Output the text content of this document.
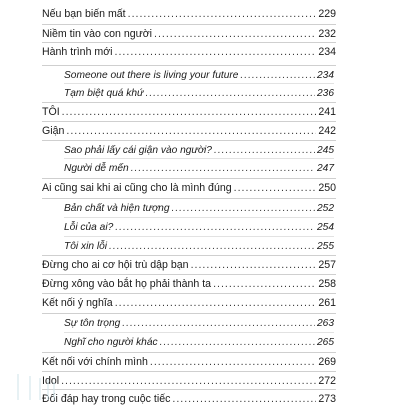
Nếu bạn biến mất .....	229
Niềm tin vào con người .....	232
Hành trình mới .....	234
Someone out there is living your future .....	234
Tạm biệt quá khứ .....	236
TÔI .....	241
Giận .....	242
Sao phải lấy cái giận vào người? .....	245
Người dễ mến .....	247
Ai cũng sai khi ai cũng cho là mình đúng .....	250
Bản chất và hiện tượng .....	252
Lỗi của ai? .....	254
Tôi xin lỗi .....	255
Đừng cho ai cơ hội trù dập bạn .....	257
Đừng xông vào bắt họ phải thành ta .....	258
Kết nối ý nghĩa .....	261
Sự tôn trọng .....	263
Nghĩ cho người khác .....	265
Kết nối với chính mình .....	269
Idol .....	272
Đối đáp hay trong cuộc tiếc .....	273
